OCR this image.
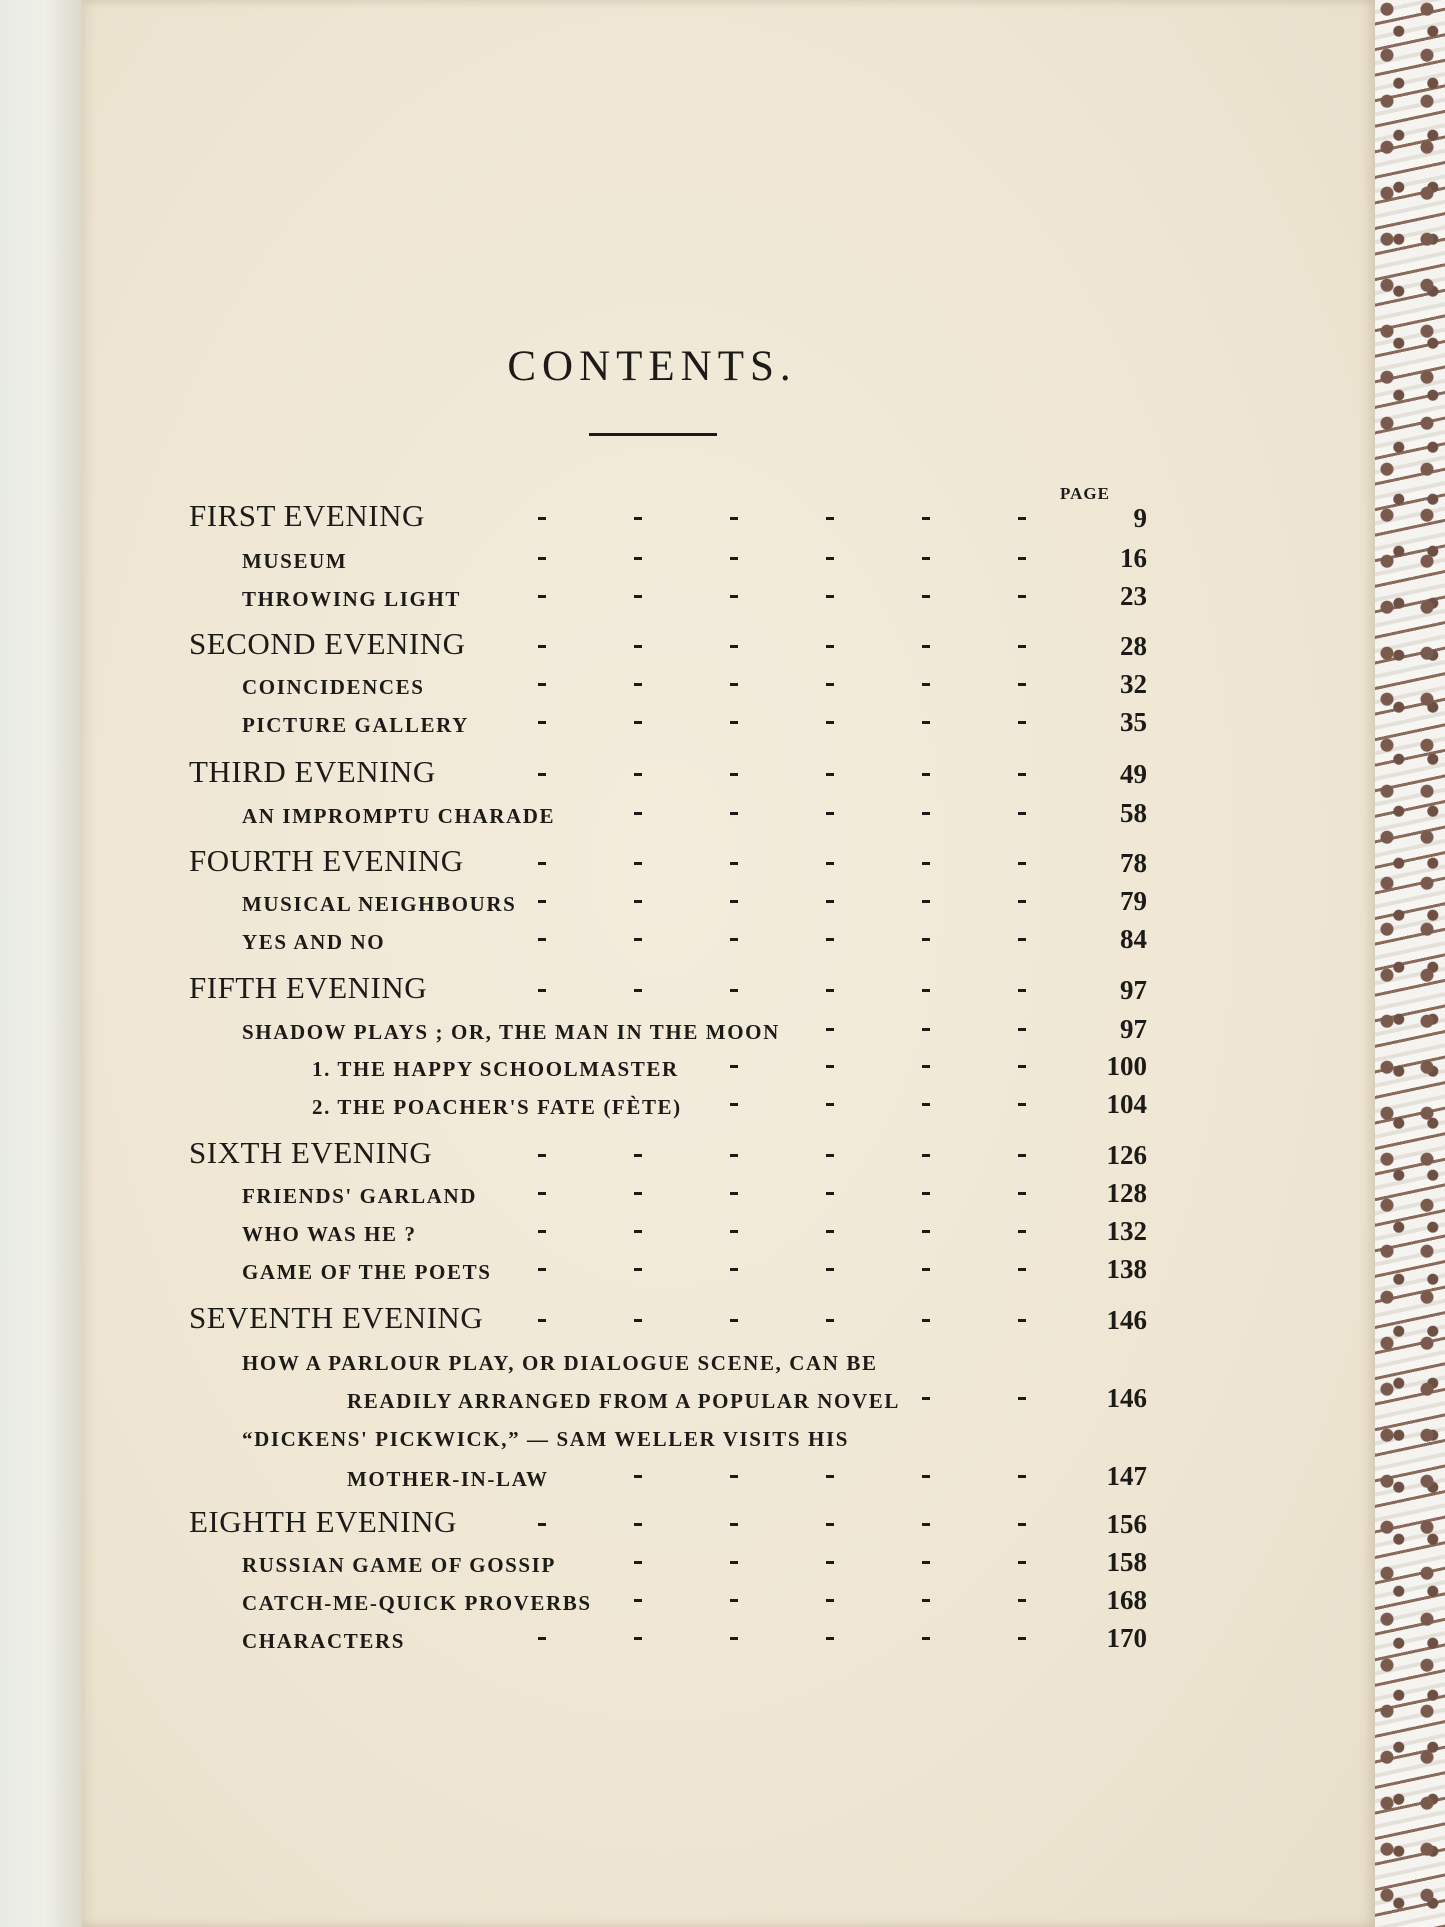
CONTENTS.
PAGE
FIRST EVENING	9
MUSEUM	16
THROWING LIGHT	23
SECOND EVENING	28
COINCIDENCES	32
PICTURE GALLERY	35
THIRD EVENING	49
AN IMPROMPTU CHARADE	58
FOURTH EVENING	78
MUSICAL NEIGHBOURS	79
YES AND NO	84
FIFTH EVENING	97
SHADOW PLAYS ; OR, THE MAN IN THE MOON	97
1. THE HAPPY SCHOOLMASTER	100
2. THE POACHER'S FATE (FÈTE)	104
SIXTH EVENING	126
FRIENDS' GARLAND	128
WHO WAS HE ?	132
GAME OF THE POETS	138
SEVENTH EVENING	146
HOW A PARLOUR PLAY, OR DIALOGUE SCENE, CAN BE
READILY ARRANGED FROM A POPULAR NOVEL	146
“DICKENS' PICKWICK,” — SAM WELLER VISITS HIS
MOTHER-IN-LAW	147
EIGHTH EVENING	156
RUSSIAN GAME OF GOSSIP	158
CATCH-ME-QUICK PROVERBS	168
CHARACTERS	170
